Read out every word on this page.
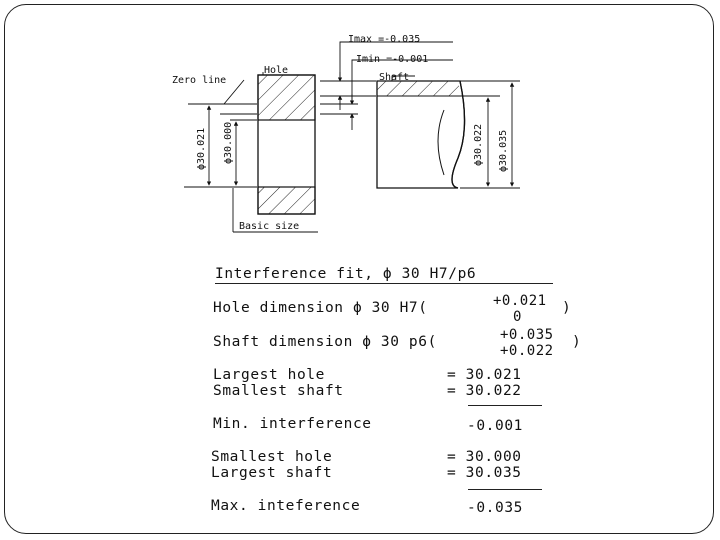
Imax =-0.035
Imin =-0.001
Hole
Shaft
Zero line
Basic size
ϕ30.021 ϕ30.000	ϕ30.022 ϕ30.035
Interference fit, ϕ 30 H7/p6
Hole dimension ϕ 30 H7(	+0.021
0
)
Shaft dimension ϕ 30 p6(	+0.035
+0.022
)
Largest hole	= 30.021
Smallest shaft	= 30.022
Min. interference	-0.001
Smallest hole	= 30.000
Largest shaft	= 30.035
Max. inteference	-0.035
